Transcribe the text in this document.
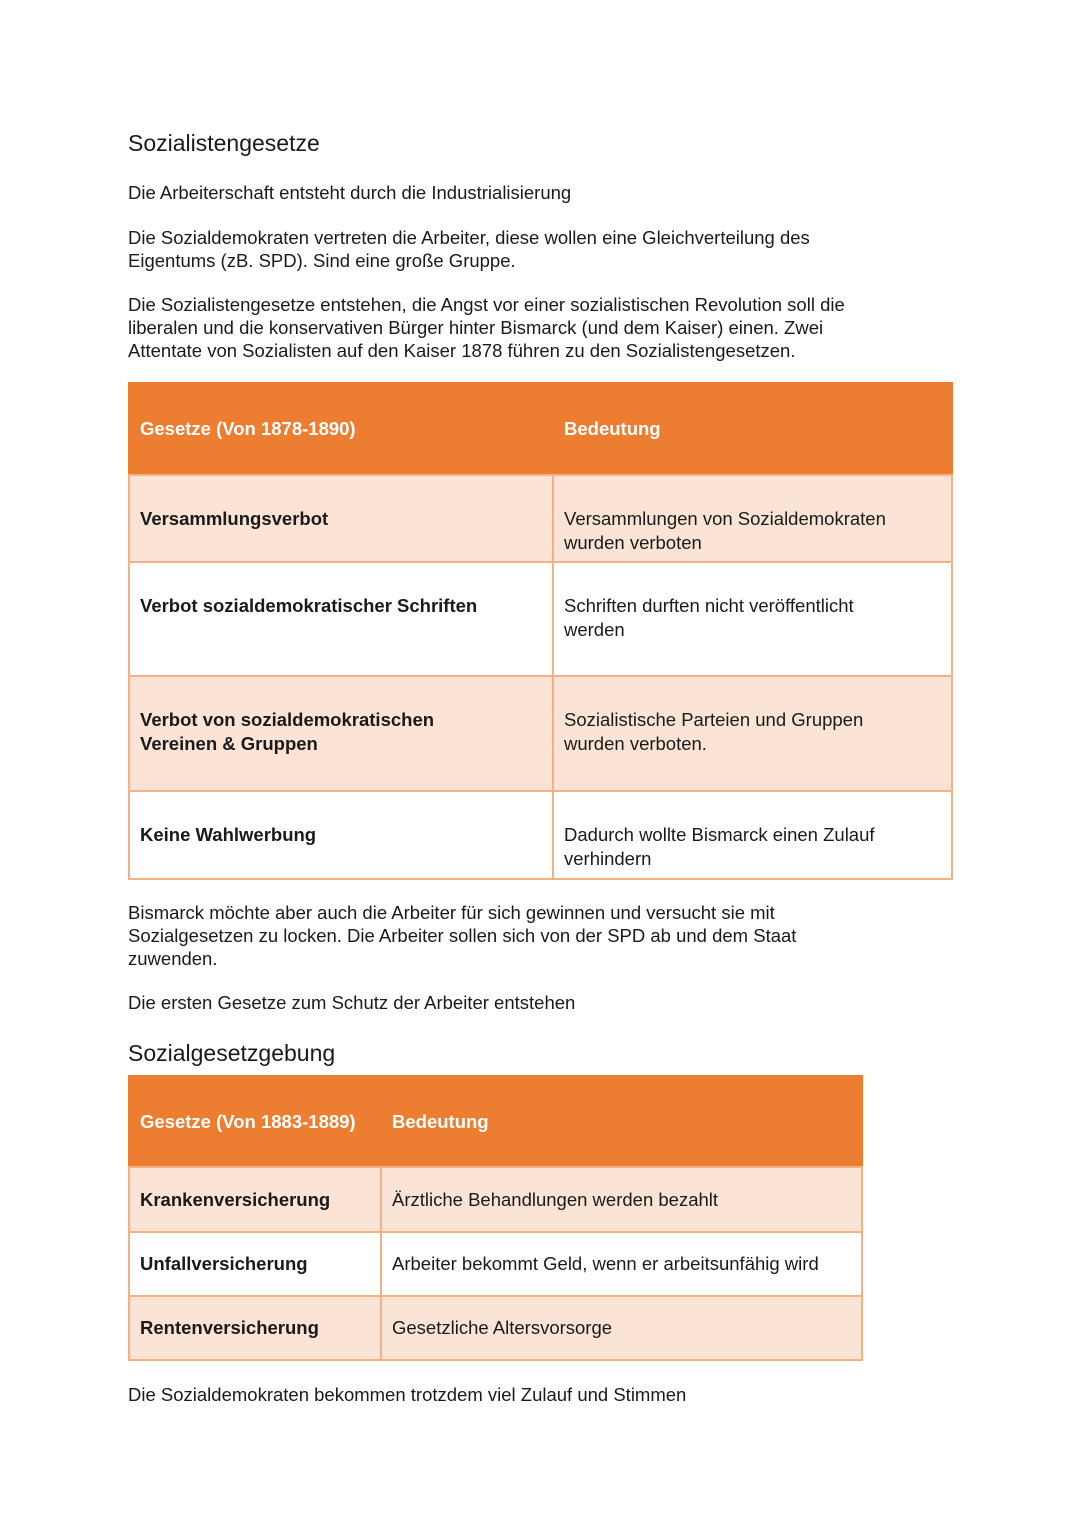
Sozialistengesetze

Die Arbeiterschaft entsteht durch die Industrialisierung

Die Sozialdemokraten vertreten die Arbeiter, diese wollen eine Gleichverteilung des
Eigentums (zB. SPD). Sind eine große Gruppe.

Die Sozialistengesetze entstehen, die Angst vor einer sozialistischen Revolution soll die
liberalen und die konservativen Bürger hinter Bismarck (und dem Kaiser) einen. Zwei
Attentate von Sozialisten auf den Kaiser 1878 führen zu den Sozialistengesetzen.

Gesetze (Von 1878-1890)	Bedeutung
Versammlungsverbot	Versammlungen von Sozialdemokraten
wurden verboten
Verbot sozialdemokratischer Schriften	Schriften durften nicht veröffentlicht
werden
Verbot von sozialdemokratischen
Vereinen & Gruppen	Sozialistische Parteien und Gruppen
wurden verboten.
Keine Wahlwerbung	Dadurch wollte Bismarck einen Zulauf
verhindern

Bismarck möchte aber auch die Arbeiter für sich gewinnen und versucht sie mit
Sozialgesetzen zu locken. Die Arbeiter sollen sich von der SPD ab und dem Staat
zuwenden.

Die ersten Gesetze zum Schutz der Arbeiter entstehen

Sozialgesetzgebung
Gesetze (Von 1883-1889)	Bedeutung
Krankenversicherung	Ärztliche Behandlungen werden bezahlt
Unfallversicherung	Arbeiter bekommt Geld, wenn er arbeitsunfähig wird
Rentenversicherung	Gesetzliche Altersvorsorge

Die Sozialdemokraten bekommen trotzdem viel Zulauf und Stimmen
